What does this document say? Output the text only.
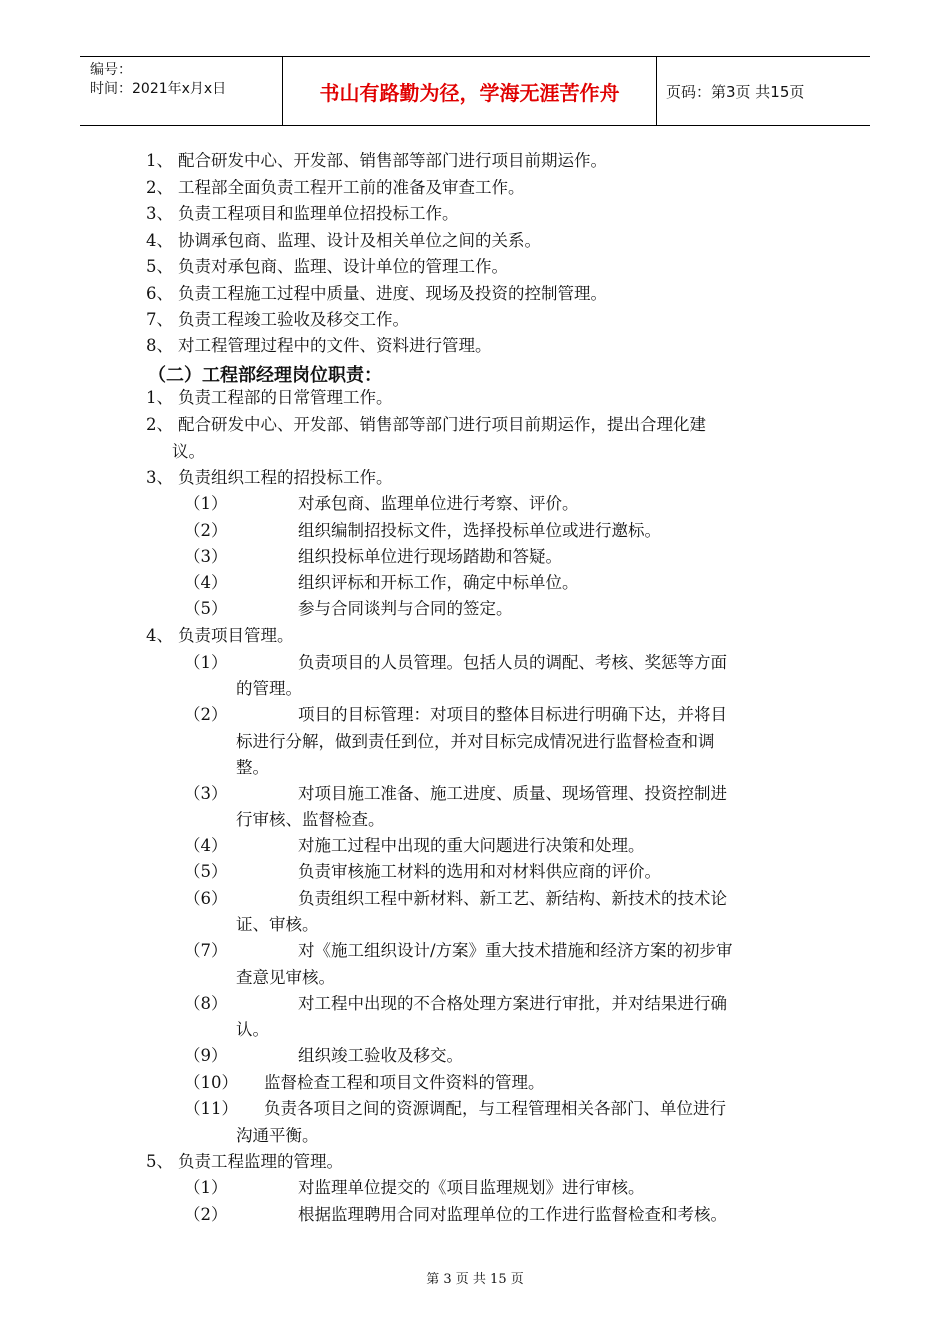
编号：
时间：2021年x月x日	书山有路勤为径，学海无涯苦作舟	页码：第3页 共15页
1、 配合研发中心、开发部、销售部等部门进行项目前期运作。
2、 工程部全面负责工程开工前的准备及审查工作。
3、 负责工程项目和监理单位招投标工作。
4、 协调承包商、监理、设计及相关单位之间的关系。
5、 负责对承包商、监理、设计单位的管理工作。
6、 负责工程施工过程中质量、进度、现场及投资的控制管理。
7、 负责工程竣工验收及移交工作。
8、 对工程管理过程中的文件、资料进行管理。
（二）工程部经理岗位职责：
1、 负责工程部的日常管理工作。
2、 配合研发中心、开发部、销售部等部门进行项目前期运作，提出合理化建
议。
3、 负责组织工程的招投标工作。
（1）	对承包商、监理单位进行考察、评价。
（2）	组织编制招投标文件，选择投标单位或进行邀标。
（3）	组织投标单位进行现场踏勘和答疑。
（4）	组织评标和开标工作，确定中标单位。
（5）	参与合同谈判与合同的签定。
4、 负责项目管理。
（1）	负责项目的人员管理。包括人员的调配、考核、奖惩等方面
的管理。
（2）	项目的目标管理：对项目的整体目标进行明确下达，并将目
标进行分解，做到责任到位，并对目标完成情况进行监督检查和调
整。
（3）	对项目施工准备、施工进度、质量、现场管理、投资控制进
行审核、监督检查。
（4）	对施工过程中出现的重大问题进行决策和处理。
（5）	负责审核施工材料的选用和对材料供应商的评价。
（6）	负责组织工程中新材料、新工艺、新结构、新技术的技术论
证、审核。
（7）	对《施工组织设计/方案》重大技术措施和经济方案的初步审
查意见审核。
（8）	对工程中出现的不合格处理方案进行审批，并对结果进行确
认。
（9）	组织竣工验收及移交。
（10） 监督检查工程和项目文件资料的管理。
（11） 负责各项目之间的资源调配，与工程管理相关各部门、单位进行
沟通平衡。
5、 负责工程监理的管理。
（1）	对监理单位提交的《项目监理规划》进行审核。
（2）	根据监理聘用合同对监理单位的工作进行监督检查和考核。
第 3 页 共 15 页
